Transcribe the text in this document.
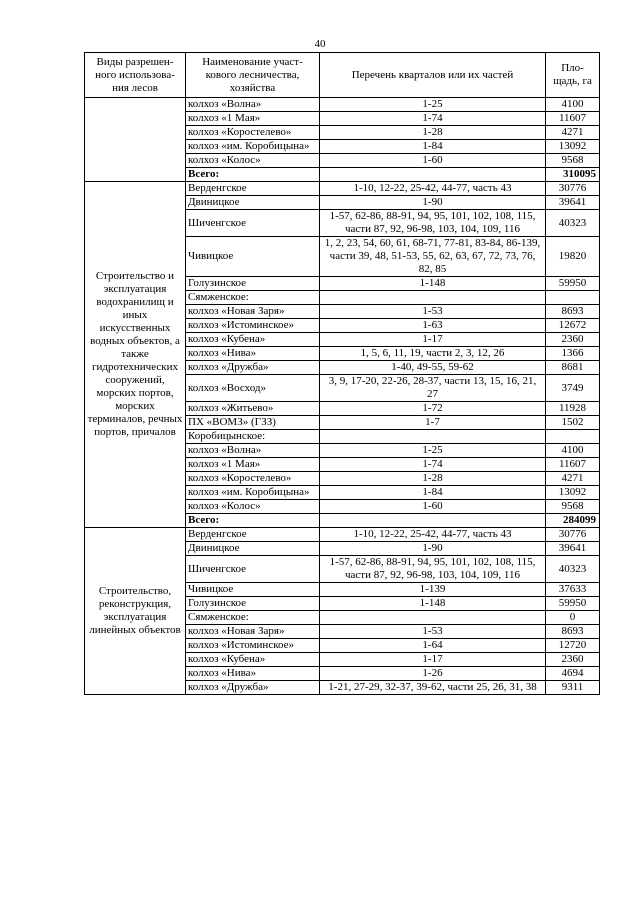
40
Виды разрешен-ного использова-ния лесов	Наименование участ-кового лесничества, хозяйства	Перечень кварталов или их частей	Пло-щадь, га
	колхоз «Волна»	1-25	4100
	колхоз «1 Мая»	1-74	11607
	колхоз «Коростелево»	1-28	4271
	колхоз «им. Коробицына»	1-84	13092
	колхоз «Колос»	1-60	9568
	Всего:		310095
Строительство и эксплуатация водохранилищ и иных искусственных водных объектов, а также гидротехнических сооружений, морских портов, морских терминалов, речных портов, причалов	Верденгское	1-10, 12-22, 25-42, 44-77, часть 43	30776
	Двиницкое	1-90	39641
	Шиченгское	1-57, 62-86, 88-91, 94, 95, 101, 102, 108, 115, части 87, 92, 96-98, 103, 104, 109, 116	40323
	Чивицкое	1, 2, 23, 54, 60, 61, 68-71, 77-81, 83-84, 86-139, части 39, 48, 51-53, 55, 62, 63, 67, 72, 73, 76, 82, 85	19820
	Голузинское	1-148	59950
	Сямженское:		
	колхоз «Новая Заря»	1-53	8693
	колхоз «Истоминское»	1-63	12672
	колхоз «Кубена»	1-17	2360
	колхоз «Нива»	1, 5, 6, 11, 19, части 2, 3, 12, 26	1366
	колхоз «Дружба»	1-40, 49-55, 59-62	8681
	колхоз «Восход»	3, 9, 17-20, 22-26, 28-37, части 13, 15, 16, 21, 27	3749
	колхоз «Житьево»	1-72	11928
	ПХ «ВОМЗ» (ГЗЗ)	1-7	1502
	Коробицынское:		
	колхоз «Волна»	1-25	4100
	колхоз «1 Мая»	1-74	11607
	колхоз «Коростелево»	1-28	4271
	колхоз «им. Коробицына»	1-84	13092
	колхоз «Колос»	1-60	9568
	Всего:		284099
Строительство, реконструкция, эксплуатация линейных объектов	Верденгское	1-10, 12-22, 25-42, 44-77, часть 43	30776
	Двиницкое	1-90	39641
	Шиченгское	1-57, 62-86, 88-91, 94, 95, 101, 102, 108, 115, части 87, 92, 96-98, 103, 104, 109, 116	40323
	Чивицкое	1-139	37633
	Голузинское	1-148	59950
	Сямженское:		0
	колхоз «Новая Заря»	1-53	8693
	колхоз «Истоминское»	1-64	12720
	колхоз «Кубена»	1-17	2360
	колхоз «Нива»	1-26	4694
	колхоз «Дружба»	1-21, 27-29, 32-37, 39-62, части 25, 26, 31, 38	9311
